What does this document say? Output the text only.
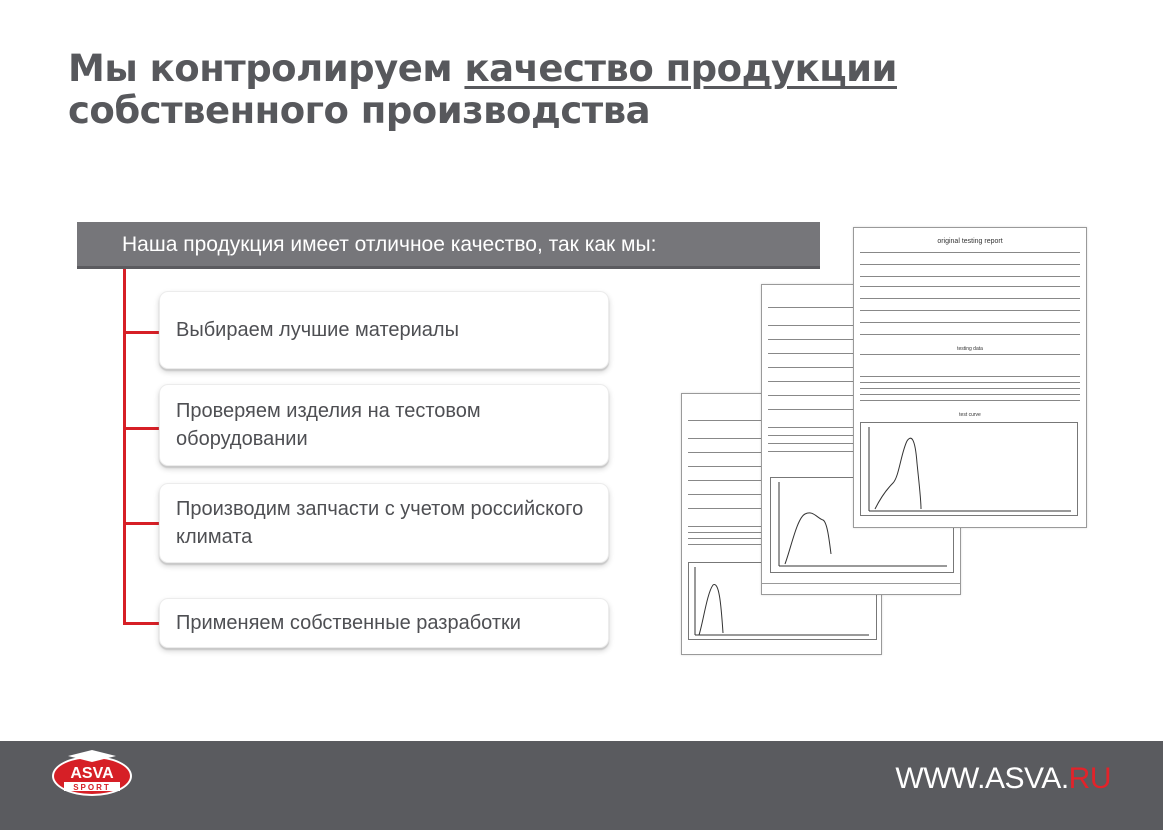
Мы контролируем качество продукции
собственного производства
Наша продукция имеет отличное качество, так как мы:
Выбираем лучшие материалы
Проверяем изделия на тестовом оборудовании
Производим запчасти с учетом российского климата
Применяем собственные разработки
original testing report
testing data
test curve
ASVA
SPORT	WWW.ASVA.RU
